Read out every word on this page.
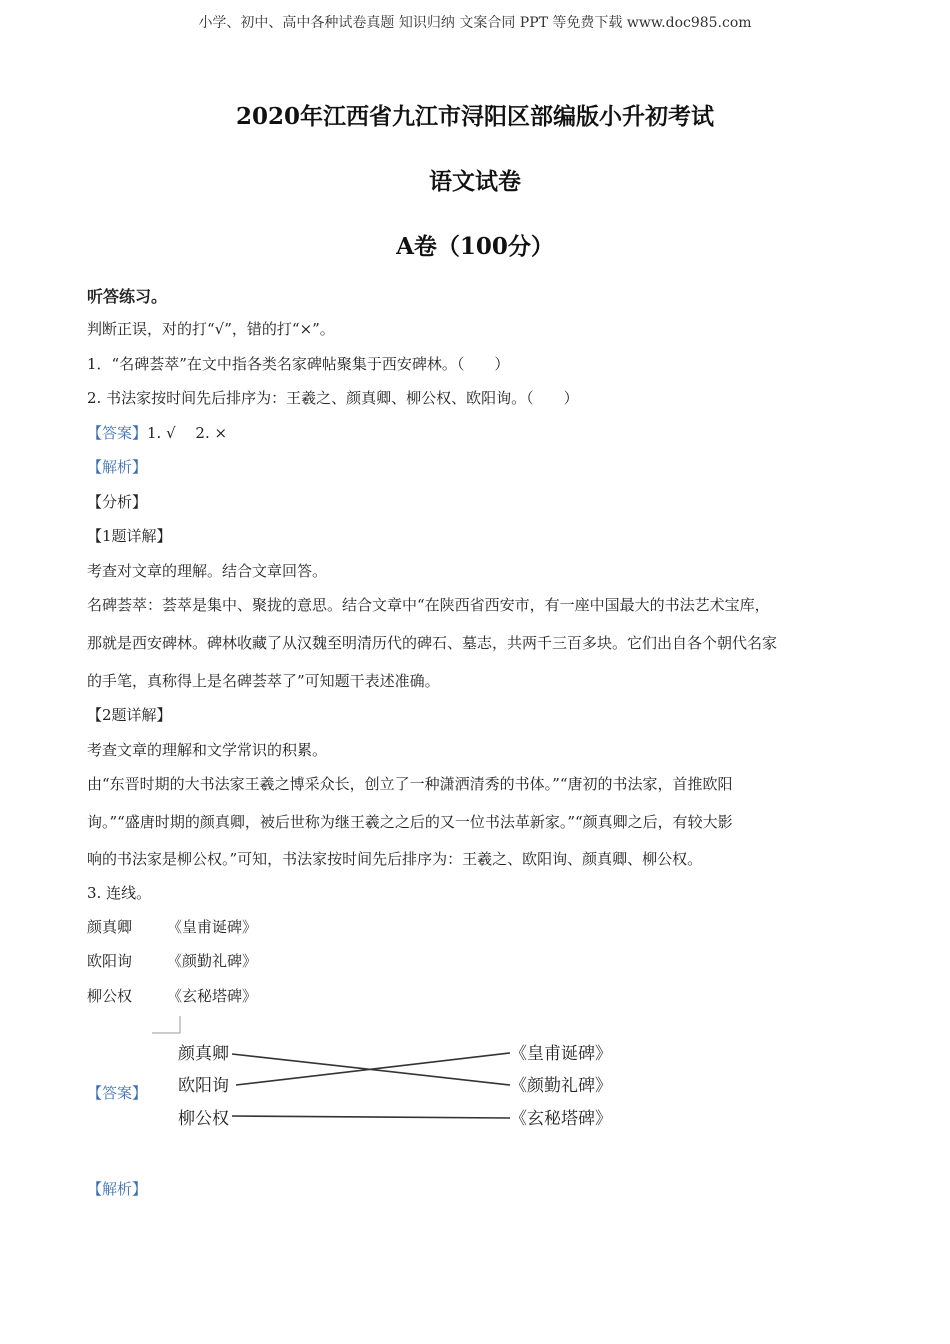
小学、初中、高中各种试卷真题 知识归纳 文案合同 PPT 等免费下载 www.doc985.com
2020年江西省九江市浔阳区部编版小升初考试
语文试卷
A卷（100分）
听答练习。
判断正误，对的打“√”，错的打“×”。
1．“名碑荟萃”在文中指各类名家碑帖聚集于西安碑林。（　　）
2. 书法家按时间先后排序为：王羲之、颜真卿、柳公权、欧阳询。（　　）
【答案】1. √　 2. ×
【解析】
【分析】
【1题详解】
考查对文章的理解。结合文章回答。
名碑荟萃：荟萃是集中、聚拢的意思。结合文章中“在陕西省西安市，有一座中国最大的书法艺术宝库，
那就是西安碑林。碑林收藏了从汉魏至明清历代的碑石、墓志，共两千三百多块。它们出自各个朝代名家
的手笔，真称得上是名碑荟萃了”可知题干表述准确。
【2题详解】
考查文章的理解和文学常识的积累。
由“东晋时期的大书法家王羲之博采众长，创立了一种潇洒清秀的书体。”“唐初的书法家，首推欧阳
询。”“盛唐时期的颜真卿，被后世称为继王羲之之后的又一位书法革新家。”“颜真卿之后，有较大影
响的书法家是柳公权。”可知，书法家按时间先后排序为：王羲之、欧阳询、颜真卿、柳公权。
3. 连线。
颜真卿 《皇甫诞碑》
欧阳询 《颜勤礼碑》
柳公权 《玄秘塔碑》
【答案】
颜真卿
欧阳询
柳公权
《皇甫诞碑》
《颜勤礼碑》
《玄秘塔碑》
【解析】
